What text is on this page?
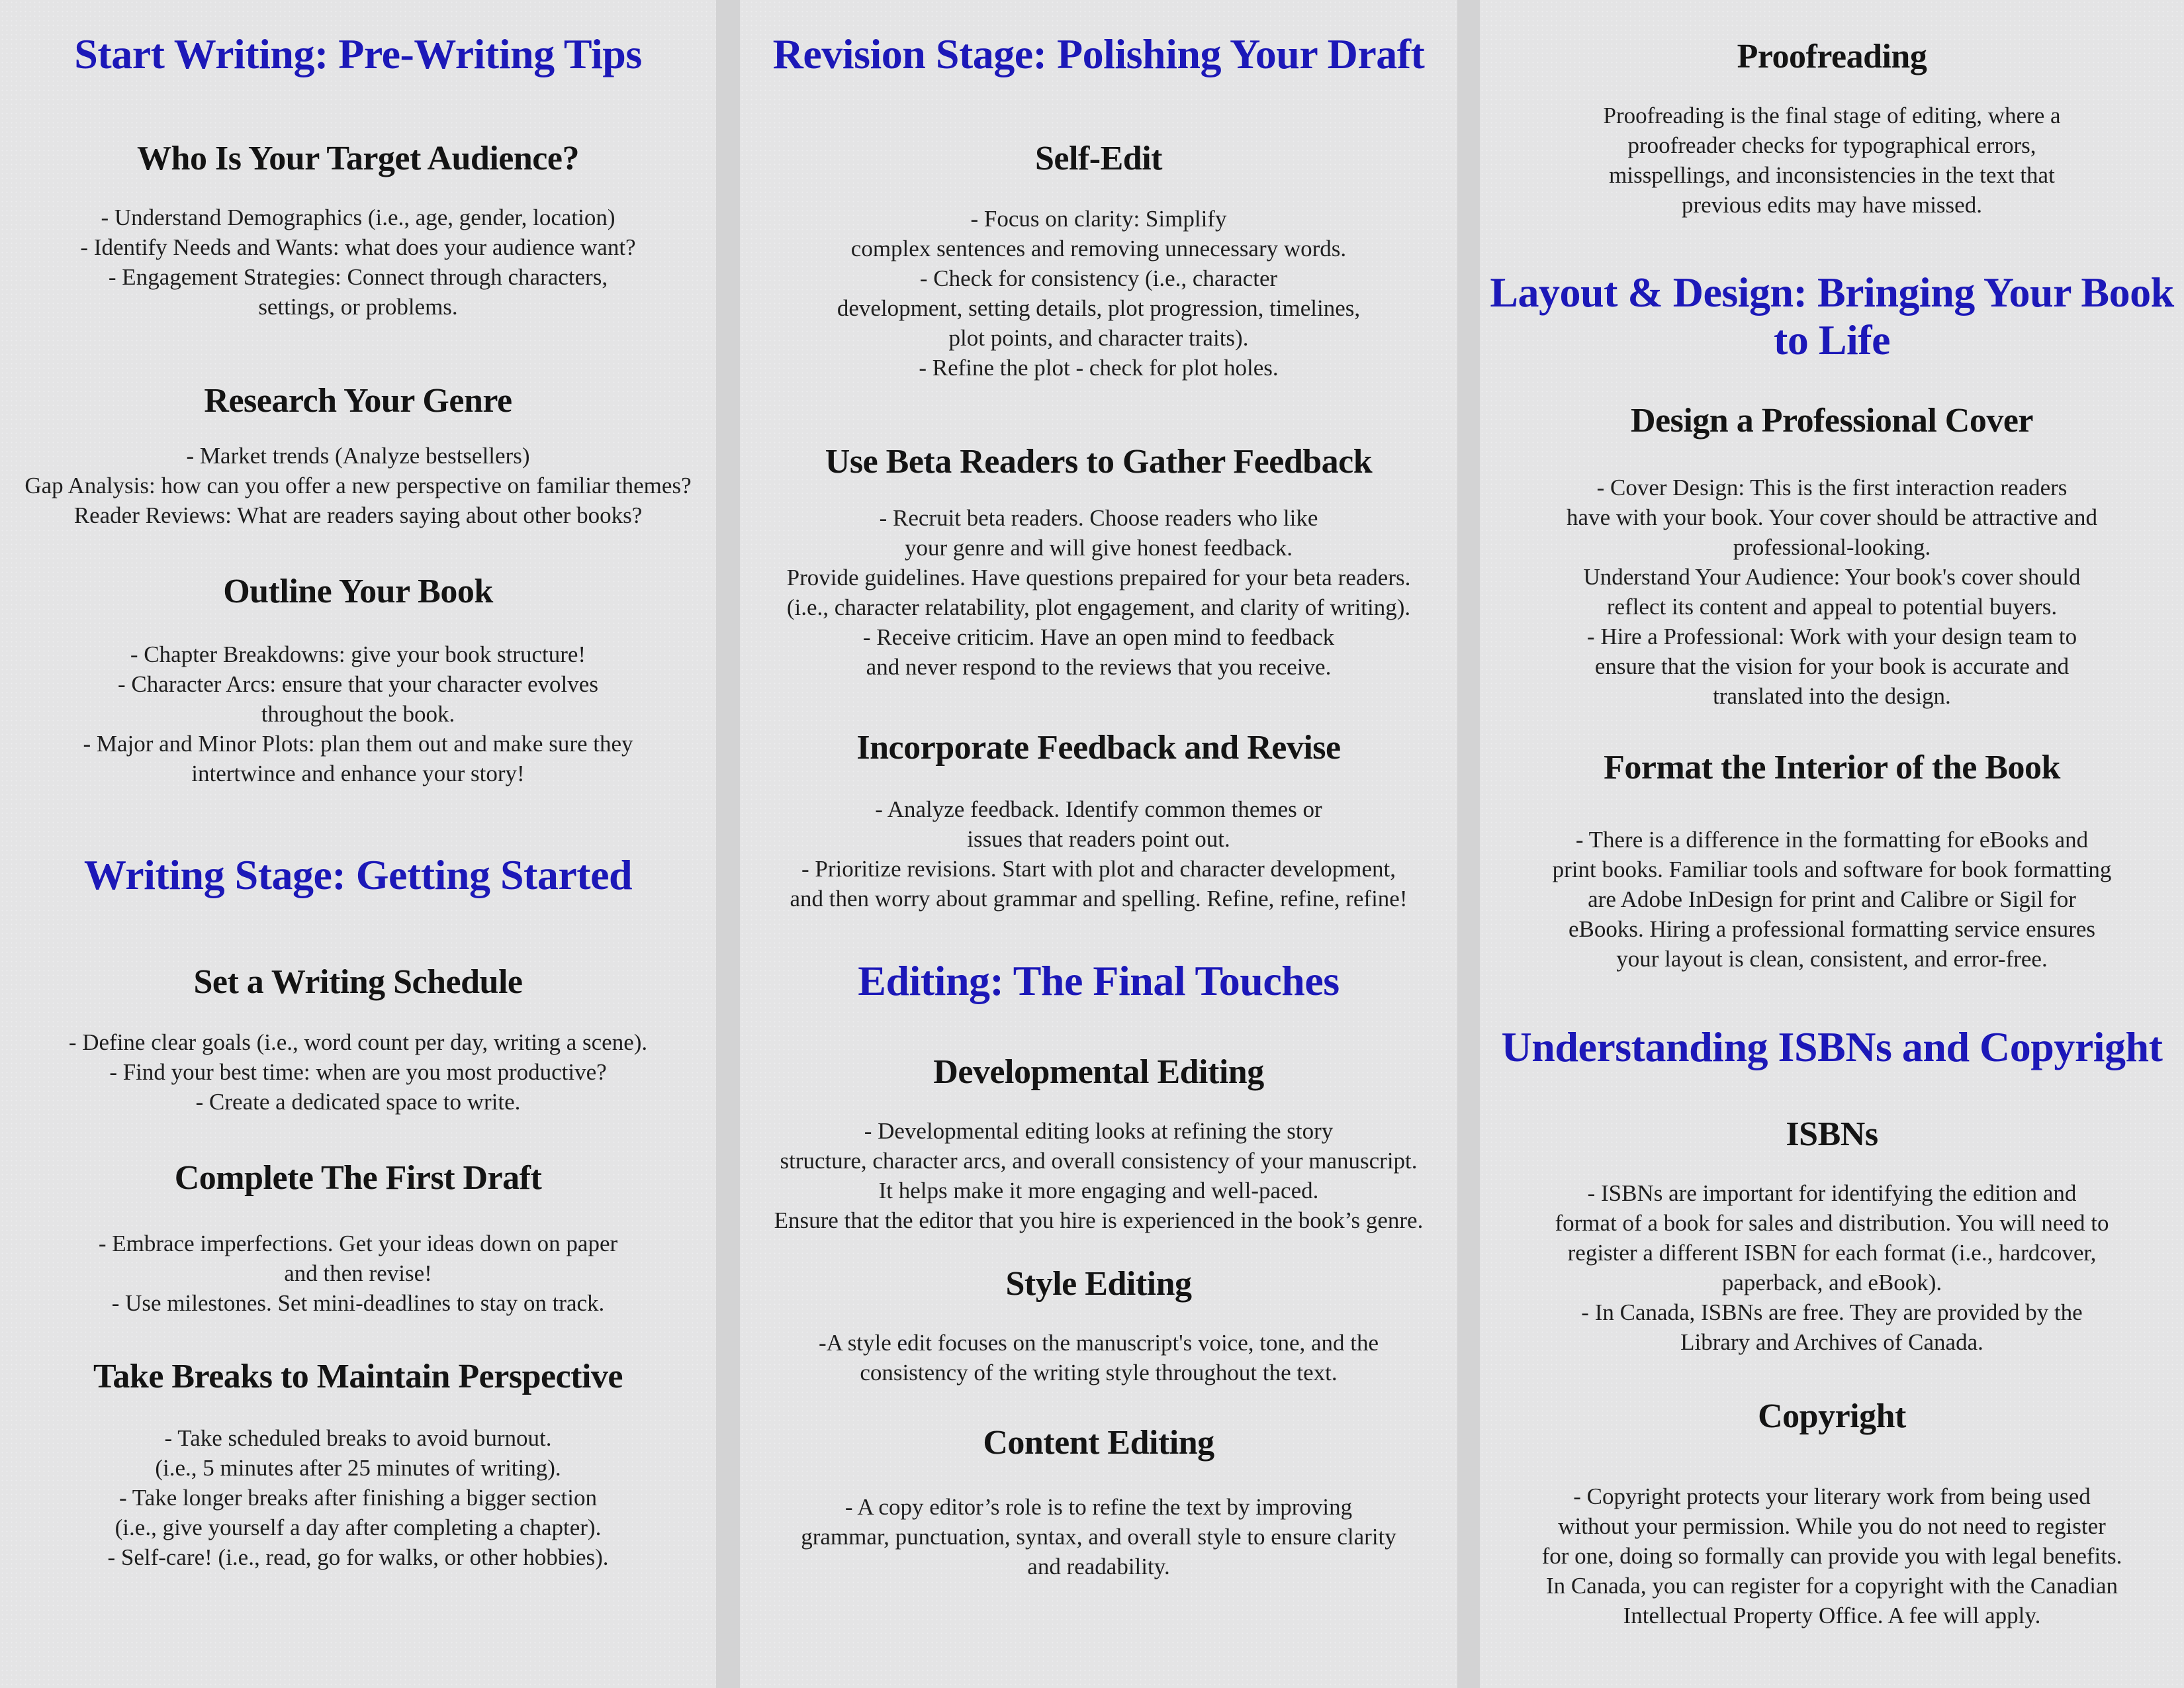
Start Writing: Pre-Writing Tips
Who Is Your Target Audience?
- Understand Demographics (i.e., age, gender, location)
- Identify Needs and Wants: what does your audience want?
- Engagement Strategies: Connect through characters,
settings, or problems.
Research Your Genre
- Market trends (Analyze bestsellers)
Gap Analysis: how can you offer a new perspective on familiar themes?
Reader Reviews: What are readers saying about other books?
Outline Your Book
- Chapter Breakdowns: give your book structure!
- Character Arcs: ensure that your character evolves
throughout the book.
- Major and Minor Plots: plan them out and make sure they
intertwince and enhance your story!
Writing Stage: Getting Started
Set a Writing Schedule
- Define clear goals (i.e., word count per day, writing a scene).
- Find your best time: when are you most productive?
- Create a dedicated space to write.
Complete The First Draft
- Embrace imperfections. Get your ideas down on paper
and then revise!
- Use milestones. Set mini-deadlines to stay on track.
Take Breaks to Maintain Perspective
- Take scheduled breaks to avoid burnout.
(i.e., 5 minutes after 25 minutes of writing).
- Take longer breaks after finishing a bigger section
(i.e., give yourself a day after completing a chapter).
- Self-care! (i.e., read, go for walks, or other hobbies).
Revision Stage: Polishing Your Draft
Self-Edit
- Focus on clarity: Simplify
complex sentences and removing unnecessary words.
- Check for consistency (i.e., character
development, setting details, plot progression, timelines,
plot points, and character traits).
- Refine the plot - check for plot holes.
Use Beta Readers to Gather Feedback
- Recruit beta readers. Choose readers who like
your genre and will give honest feedback.
Provide guidelines. Have questions prepaired for your beta readers.
(i.e., character relatability, plot engagement, and clarity of writing).
- Receive criticim. Have an open mind to feedback
and never respond to the reviews that you receive.
Incorporate Feedback and Revise
- Analyze feedback. Identify common themes or
issues that readers point out.
- Prioritize revisions. Start with plot and character development,
and then worry about grammar and spelling. Refine, refine, refine!
Editing: The Final Touches
Developmental Editing
- Developmental editing looks at refining the story
structure, character arcs, and overall consistency of your manuscript.
It helps make it more engaging and well-paced.
Ensure that the editor that you hire is experienced in the book’s genre.
Style Editing
-A style edit focuses on the manuscript's voice, tone, and the
consistency of the writing style throughout the text.
Content Editing
- A copy editor’s role is to refine the text by improving
grammar, punctuation, syntax, and overall style to ensure clarity
and readability.
Proofreading
Proofreading is the final stage of editing, where a
proofreader checks for typographical errors,
misspellings, and inconsistencies in the text that
previous edits may have missed.
Layout & Design: Bringing Your Book
to Life
Design a Professional Cover
- Cover Design: This is the first interaction readers
have with your book. Your cover should be attractive and
professional-looking.
Understand Your Audience: Your book's cover should
reflect its content and appeal to potential buyers.
- Hire a Professional: Work with your design team to
ensure that the vision for your book is accurate and
translated into the design.
Format the Interior of the Book
- There is a difference in the formatting for eBooks and
print books. Familiar tools and software for book formatting
are Adobe InDesign for print and Calibre or Sigil for
eBooks. Hiring a professional formatting service ensures
your layout is clean, consistent, and error-free.
Understanding ISBNs and Copyright
ISBNs
- ISBNs are important for identifying the edition and
format of a book for sales and distribution. You will need to
register a different ISBN for each format (i.e., hardcover,
paperback, and eBook).
- In Canada, ISBNs are free. They are provided by the
Library and Archives of Canada.
Copyright
- Copyright protects your literary work from being used
without your permission. While you do not need to register
for one, doing so formally can provide you with legal benefits.
In Canada, you can register for a copyright with the Canadian
Intellectual Property Office. A fee will apply.
